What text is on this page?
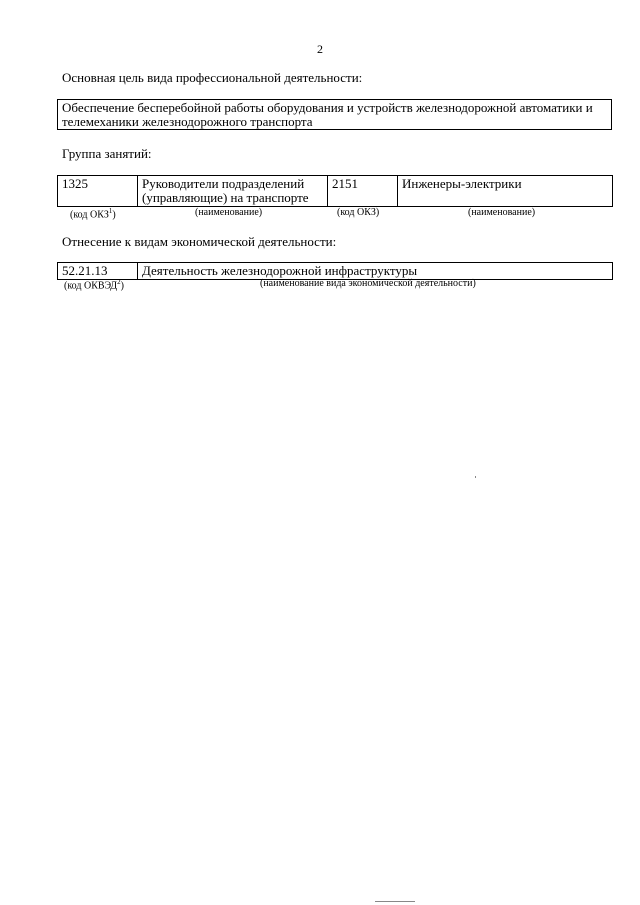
2
Основная цель вида профессиональной деятельности:
Обеспечение бесперебойной работы оборудования и устройств железнодорожной автоматики и телемеханики железнодорожного транспорта
Группа занятий:
1325	Руководители подразделений (управляющие) на транспорте	2151	Инженеры-электрики
(код ОКЗ$^1$)	(наименование)	(код ОКЗ)	(наименование)
Отнесение к видам экономической деятельности:
52.21.13	Деятельность железнодорожной инфраструктуры
(код ОКВЭД$^2$)	(наименование вида экономической деятельности)
